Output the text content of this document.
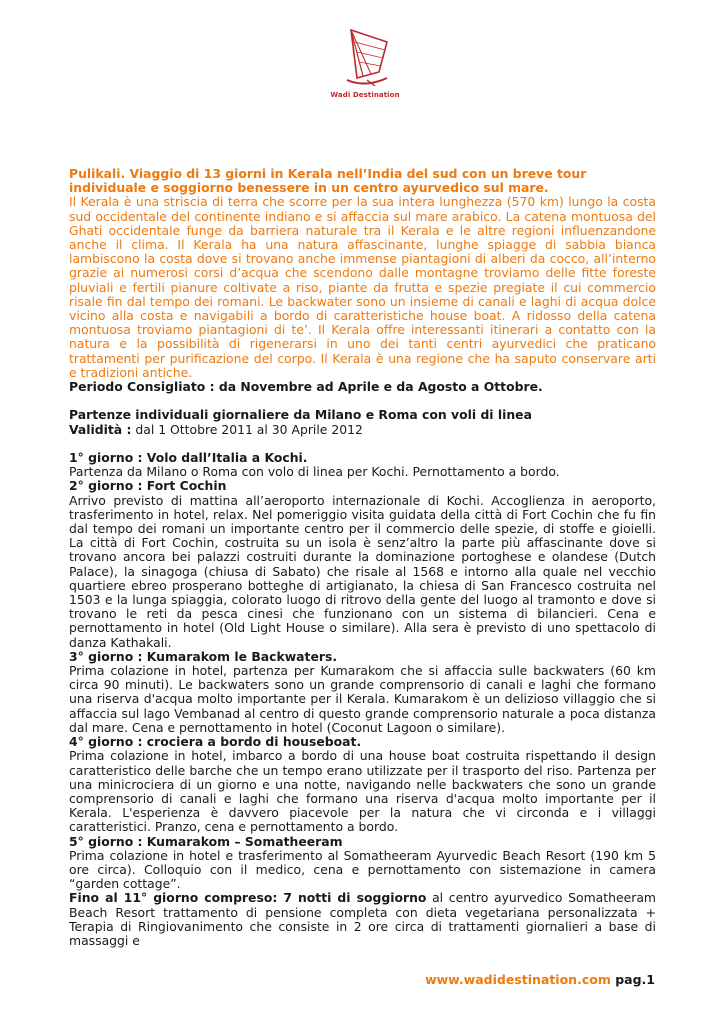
Wadi Destination

Pulikali. Viaggio di 13 giorni in Kerala nell’India del sud con un breve tour individuale e soggiorno benessere in un centro ayurvedico sul mare.

Il Kerala è una striscia di terra che scorre per la sua intera lunghezza (570 km) lungo la costa sud occidentale del continente indiano e si affaccia sul mare arabico. La catena montuosa del Ghati occidentale funge da barriera naturale tra il Kerala e le altre regioni influenzandone anche il clima. Il Kerala ha una natura affascinante, lunghe spiagge di sabbia bianca lambiscono la costa dove si trovano anche immense piantagioni di alberi da cocco, all’interno grazie ai numerosi corsi d’acqua che scendono dalle montagne troviamo delle fitte foreste pluviali e fertili pianure coltivate a riso, piante da frutta e spezie pregiate il cui commercio risale fin dal tempo dei romani. Le backwater sono un insieme di canali e laghi di acqua dolce vicino alla costa e navigabili a bordo di caratteristiche house boat. A ridosso della catena montuosa troviamo piantagioni di te’. Il Kerala offre interessanti itinerari a contatto con la natura e la possibilità di rigenerarsi in uno dei tanti centri ayurvedici che praticano trattamenti per purificazione del corpo. Il Kerala è una regione che ha saputo conservare arti e tradizioni antiche.

Periodo Consigliato : da Novembre ad Aprile e da Agosto a Ottobre.

Partenze individuali giornaliere da Milano e Roma con voli di linea

Validità : dal 1 Ottobre 2011 al 30 Aprile 2012

1° giorno : Volo dall’Italia a Kochi.

Partenza da Milano o Roma con volo di linea per Kochi. Pernottamento a bordo.

2° giorno : Fort Cochin

Arrivo previsto di mattina all’aeroporto internazionale di Kochi. Accoglienza in aeroporto, trasferimento in hotel, relax. Nel pomeriggio visita guidata della città di Fort Cochin che fu fin dal tempo dei romani un importante centro per il commercio delle spezie, di stoffe e gioielli. La città di Fort Cochin, costruita su un isola è senz’altro la parte più affascinante dove si trovano ancora bei palazzi costruiti durante la dominazione portoghese e olandese (Dutch Palace), la sinagoga (chiusa di Sabato) che risale al 1568 e intorno alla quale nel vecchio quartiere ebreo prosperano botteghe di artigianato, la chiesa di San Francesco costruita nel 1503 e la lunga spiaggia, colorato luogo di ritrovo della gente del luogo al tramonto e dove si trovano le reti da pesca cinesi che funzionano con un sistema di bilancieri. Cena e pernottamento in hotel (Old Light House o similare). Alla sera è previsto di uno spettacolo di danza Kathakali.

3° giorno : Kumarakom le Backwaters.

Prima colazione in hotel, partenza per Kumarakom che si affaccia sulle backwaters (60 km circa 90 minuti). Le backwaters sono un grande comprensorio di canali e laghi che formano una riserva d'acqua molto importante per il Kerala. Kumarakom è un delizioso villaggio che si affaccia sul lago Vembanad al centro di questo grande comprensorio naturale a poca distanza dal mare. Cena e pernottamento in hotel (Coconut Lagoon o similare).

4° giorno : crociera a bordo di houseboat.

Prima colazione in hotel, imbarco a bordo di una house boat costruita rispettando il design caratteristico delle barche che un tempo erano utilizzate per il trasporto del riso. Partenza per una minicrociera di un giorno e una notte, navigando nelle backwaters che sono un grande comprensorio di canali e laghi che formano una riserva d'acqua molto importante per il Kerala. L'esperienza è davvero piacevole per la natura che vi circonda e i villaggi caratteristici. Pranzo, cena e pernottamento a bordo.

5° giorno : Kumarakom – Somatheeram

Prima colazione in hotel e trasferimento al Somatheeram Ayurvedic Beach Resort (190 km 5 ore circa). Colloquio con il medico, cena e pernottamento con sistemazione in camera “garden cottage”.

Fino al 11° giorno compreso: 7 notti di soggiorno al centro ayurvedico Somatheeram Beach Resort trattamento di pensione completa con dieta vegetariana personalizzata + Terapia di Ringiovanimento che consiste in 2 ore circa di trattamenti giornalieri a base di massaggi e

www.wadidestination.com pag.1
